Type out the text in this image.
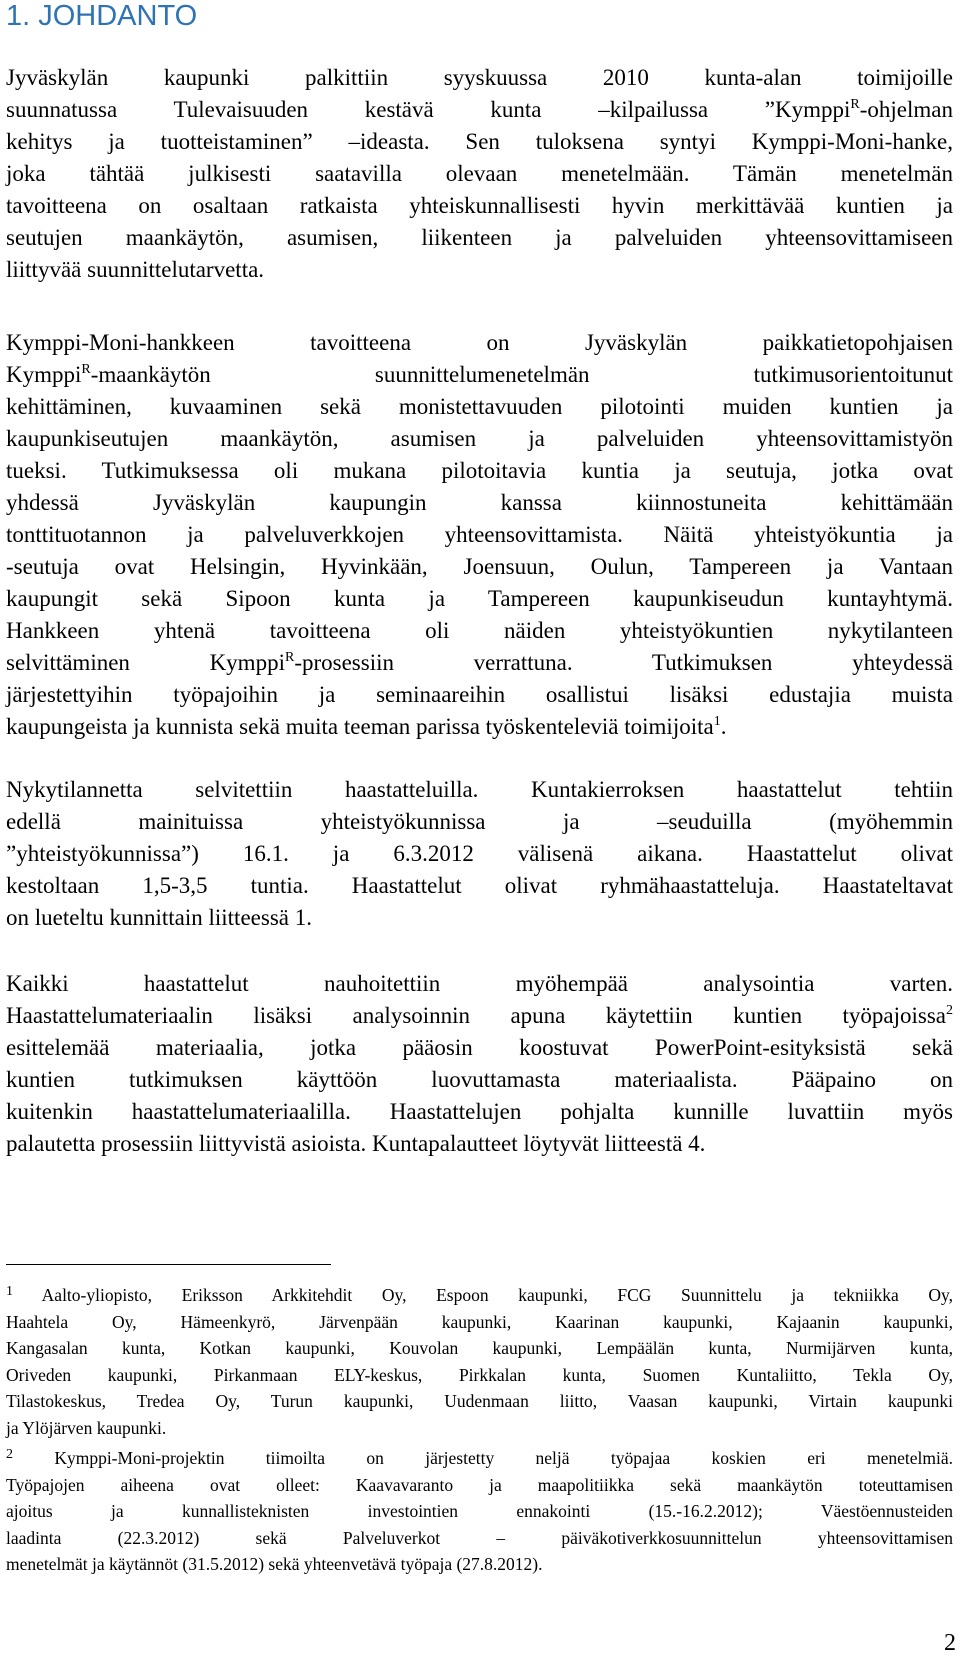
1. JOHDANTO
Jyväskylän kaupunki palkittiin syyskuussa 2010 kunta-alan toimijoille
suunnatussa Tulevaisuuden kestävä kunta –kilpailussa ”Kymppi$^R$-ohjelman
kehitys ja tuotteistaminen” –ideasta. Sen tuloksena syntyi Kymppi-Moni-hanke,
joka tähtää julkisesti saatavilla olevaan menetelmään. Tämän menetelmän
tavoitteena on osaltaan ratkaista yhteiskunnallisesti hyvin merkittävää kuntien ja
seutujen maankäytön, asumisen, liikenteen ja palveluiden yhteensovittamiseen
liittyvää suunnittelutarvetta.
Kymppi-Moni-hankkeen tavoitteena on Jyväskylän paikkatietopohjaisen
Kymppi$^R$-maankäytön suunnittelumenetelmän tutkimusorientoitunut
kehittäminen, kuvaaminen sekä monistettavuuden pilotointi muiden kuntien ja
kaupunkiseutujen maankäytön, asumisen ja palveluiden yhteensovittamistyön
tueksi. Tutkimuksessa oli mukana pilotoitavia kuntia ja seutuja, jotka ovat
yhdessä Jyväskylän kaupungin kanssa kiinnostuneita kehittämään
tonttituotannon ja palveluverkkojen yhteensovittamista. Näitä yhteistyökuntia ja
-seutuja ovat Helsingin, Hyvinkään, Joensuun, Oulun, Tampereen ja Vantaan
kaupungit sekä Sipoon kunta ja Tampereen kaupunkiseudun kuntayhtymä.
Hankkeen yhtenä tavoitteena oli näiden yhteistyökuntien nykytilanteen
selvittäminen Kymppi$^R$-prosessiin verrattuna. Tutkimuksen yhteydessä
järjestettyihin työpajoihin ja seminaareihin osallistui lisäksi edustajia muista
kaupungeista ja kunnista sekä muita teeman parissa työskenteleviä toimijoita$^1$.
Nykytilannetta selvitettiin haastatteluilla. Kuntakierroksen haastattelut tehtiin
edellä mainituissa yhteistyökunnissa ja –seuduilla (myöhemmin
”yhteistyökunnissa”) 16.1. ja 6.3.2012 välisenä aikana. Haastattelut olivat
kestoltaan 1,5-3,5 tuntia. Haastattelut olivat ryhmähaastatteluja. Haastateltavat
on lueteltu kunnittain liitteessä 1.
Kaikki haastattelut nauhoitettiin myöhempää analysointia varten.
Haastattelumateriaalin lisäksi analysoinnin apuna käytettiin kuntien työpajoissa$^2$
esittelemää materiaalia, jotka pääosin koostuvat PowerPoint-esityksistä sekä
kuntien tutkimuksen käyttöön luovuttamasta materiaalista. Pääpaino on
kuitenkin haastattelumateriaalilla. Haastattelujen pohjalta kunnille luvattiin myös
palautetta prosessiin liittyvistä asioista. Kuntapalautteet löytyvät liitteestä 4.
$^1$ Aalto-yliopisto, Eriksson Arkkitehdit Oy, Espoon kaupunki, FCG Suunnittelu ja tekniikka Oy,
Haahtela Oy, Hämeenkyrö, Järvenpään kaupunki, Kaarinan kaupunki, Kajaanin kaupunki,
Kangasalan kunta, Kotkan kaupunki, Kouvolan kaupunki, Lempäälän kunta, Nurmijärven kunta,
Oriveden kaupunki, Pirkanmaan ELY-keskus, Pirkkalan kunta, Suomen Kuntaliitto, Tekla Oy,
Tilastokeskus, Tredea Oy, Turun kaupunki, Uudenmaan liitto, Vaasan kaupunki, Virtain kaupunki
ja Ylöjärven kaupunki.
$^2$ Kymppi-Moni-projektin tiimoilta on järjestetty neljä työpajaa koskien eri menetelmiä.
Työpajojen aiheena ovat olleet: Kaavavaranto ja maapolitiikka sekä maankäytön toteuttamisen
ajoitus ja kunnallisteknisten investointien ennakointi (15.-16.2.2012); Väestöennusteiden
laadinta (22.3.2012) sekä Palveluverkot – päiväkotiverkkosuunnittelun yhteensovittamisen
menetelmät ja käytännöt (31.5.2012) sekä yhteenvetävä työpaja (27.8.2012).
2
